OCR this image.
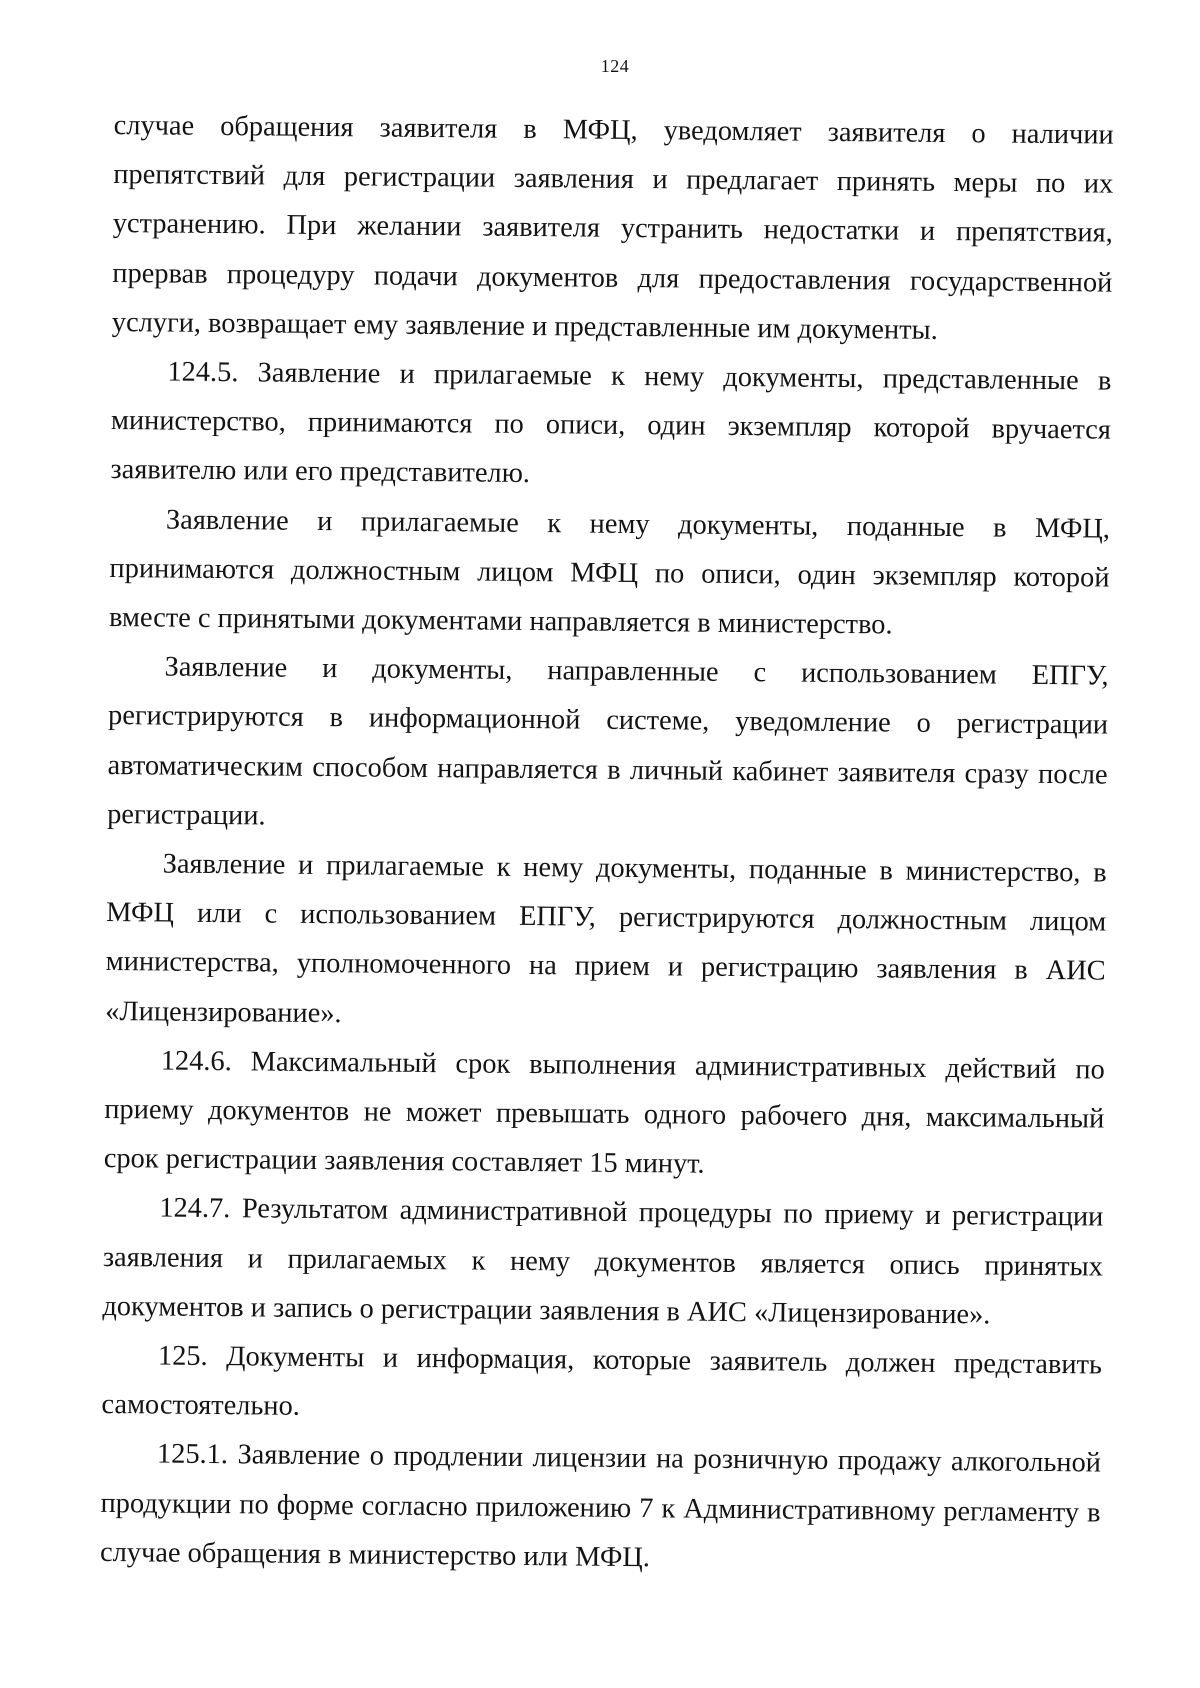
124

случае обращения заявителя в МФЦ, уведомляет заявителя о наличии препятствий для регистрации заявления и предлагает принять меры по их устранению. При желании заявителя устранить недостатки и препятствия, прервав процедуру подачи документов для предоставления государственной услуги, возвращает ему заявление и представленные им документы.

124.5. Заявление и прилагаемые к нему документы, представленные в министерство, принимаются по описи, один экземпляр которой вручается заявителю или его представителю.

Заявление и прилагаемые к нему документы, поданные в МФЦ, принимаются должностным лицом МФЦ по описи, один экземпляр которой вместе с принятыми документами направляется в министерство.

Заявление и документы, направленные с использованием ЕПГУ, регистрируются в информационной системе, уведомление о регистрации автоматическим способом направляется в личный кабинет заявителя сразу после регистрации.

Заявление и прилагаемые к нему документы, поданные в министерство, в МФЦ или с использованием ЕПГУ, регистрируются должностным лицом министерства, уполномоченного на прием и регистрацию заявления в АИС «Лицензирование».

124.6. Максимальный срок выполнения административных действий по приему документов не может превышать одного рабочего дня, максимальный срок регистрации заявления составляет 15 минут.

124.7. Результатом административной процедуры по приему и регистрации заявления и прилагаемых к нему документов является опись принятых документов и запись о регистрации заявления в АИС «Лицензирование».

125. Документы и информация, которые заявитель должен представить самостоятельно.

125.1. Заявление о продлении лицензии на розничную продажу алкогольной продукции по форме согласно приложению 7 к Административному регламенту в случае обращения в министерство или МФЦ.
